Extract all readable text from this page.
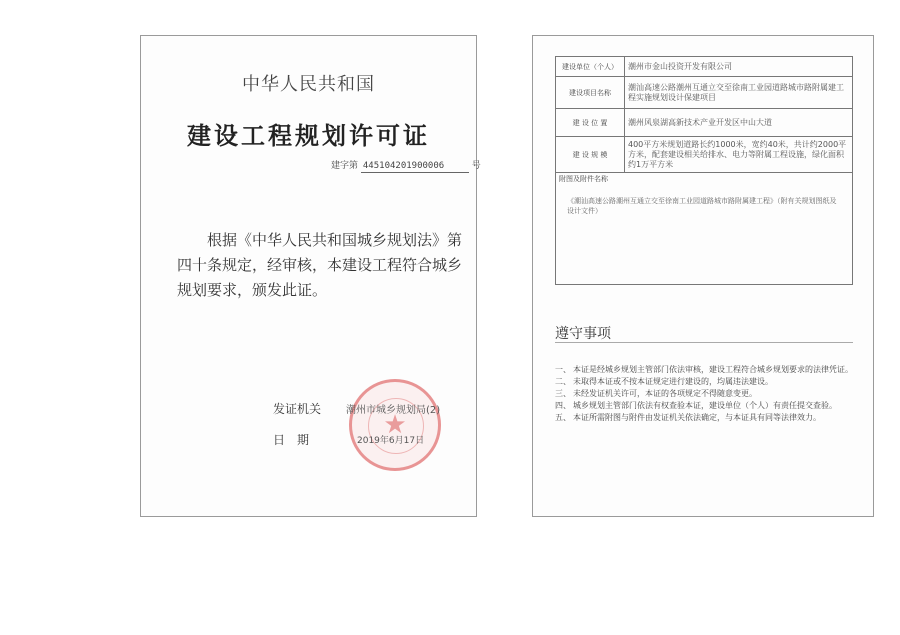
中华人民共和国
建设工程规划许可证
建字第 445104201900006	号
根据《中华人民共和国城乡规划法》第四十条规定，经审核，本建设工程符合城乡规划要求，颁发此证。
★
发证机关 潮州市城乡规划局(2)
日期	2019年6月17日
建设单位（个人）	潮州市金山投资开发有限公司
建设项目名称	潮汕高速公路潮州互通立交至徐南工业园道路城市路附属建工程实施规划设计保建项目
建 设 位 置	潮州风泉湖高新技术产业开发区中山大道
建 设 规 模	400平方米规划道路长约1000米，宽约40米，共计约2000平方米，配套建设相关给排水、电力等附属工程设施，绿化面积约1万平方米

附图及附件名称
《潮汕高速公路潮州互通立交至徐南工业园道路城市路附属建工程》（附有关规划图纸及设计文件）	
遵守事项
一、 本证是经城乡规划主管部门依法审核，建设工程符合城乡规划要求的法律凭证。
二、 未取得本证或不按本证规定进行建设的，均属违法建设。
三、 未经发证机关许可，本证的各项规定不得随意变更。
四、 城乡规划主管部门依法有权查验本证，建设单位（个人）有责任提交查验。
五、 本证所需附图与附件由发证机关依法确定，与本证具有同等法律效力。
